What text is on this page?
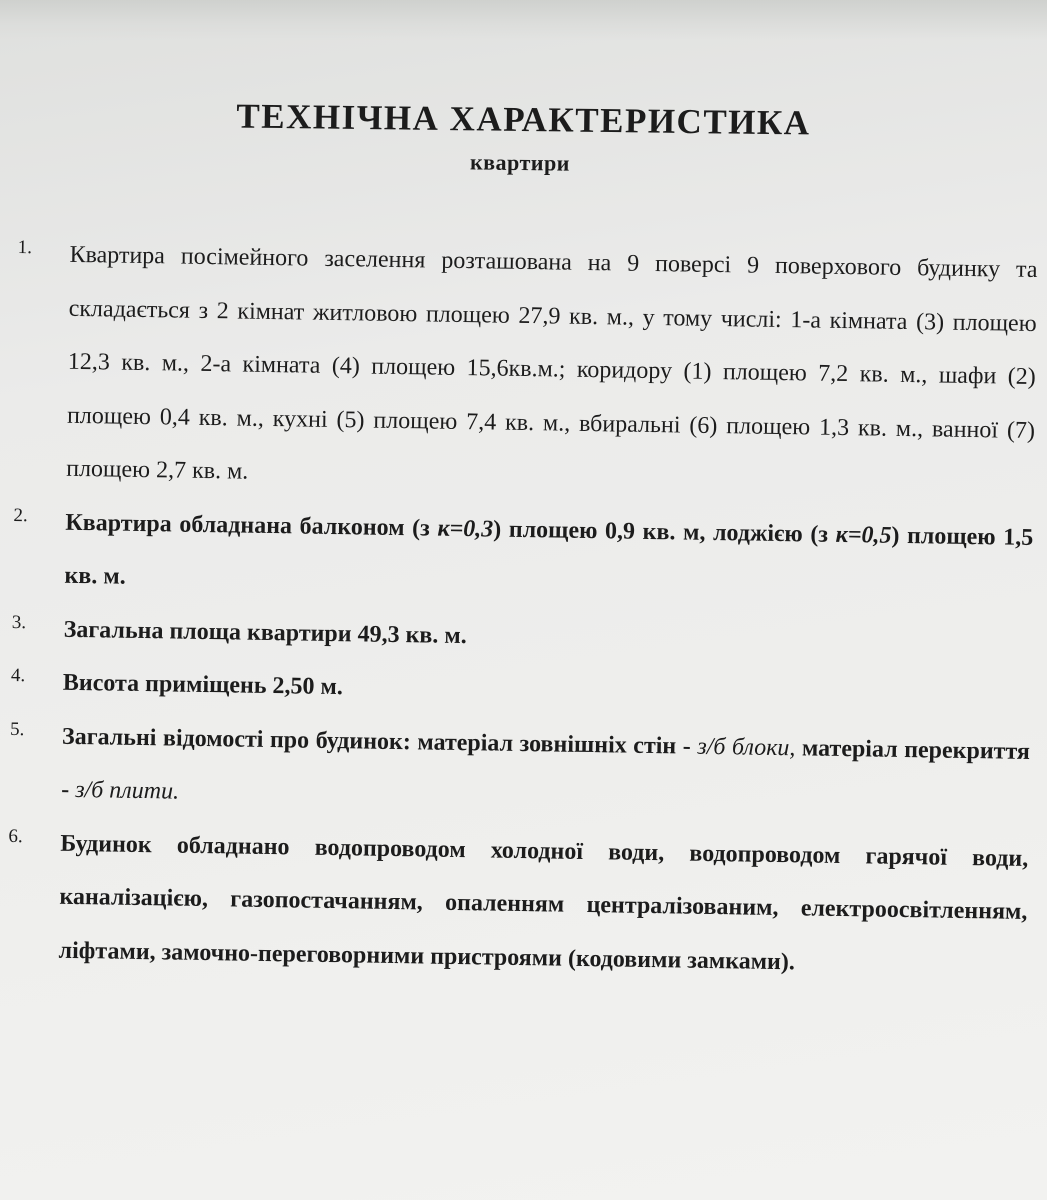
ТЕХНІЧНА ХАРАКТЕРИСТИКА
квартири
1. Квартира посімейного заселення розташована на 9 поверсі 9 поверхового будинку та складається з 2 кімнат житловою площею 27,9 кв. м., у тому числі: 1-а кімната (3) площею 12,3 кв. м., 2-а кімната (4) площею 15,6кв.м.; коридору (1) площею 7,2 кв. м., шафи (2) площею 0,4 кв. м., кухні (5) площею 7,4 кв. м., вбиральні (6) площею 1,3 кв. м., ванної (7) площею 2,7 кв. м.
2. Квартира обладнана балконом (з к=0,3) площею 0,9 кв. м, лоджією (з к=0,5) площею 1,5 кв. м.
3. Загальна площа квартири 49,3 кв. м.
4. Висота приміщень 2,50 м.
5. Загальні відомості про будинок: матеріал зовнішніх стін - з/б блоки, матеріал перекриття - з/б плити.
6. Будинок обладнано водопроводом холодної води, водопроводом гарячої води, каналізацією, газопостачанням, опаленням централізованим, електроосвітленням, ліфтами, замочно-переговорними пристроями (кодовими замками).
